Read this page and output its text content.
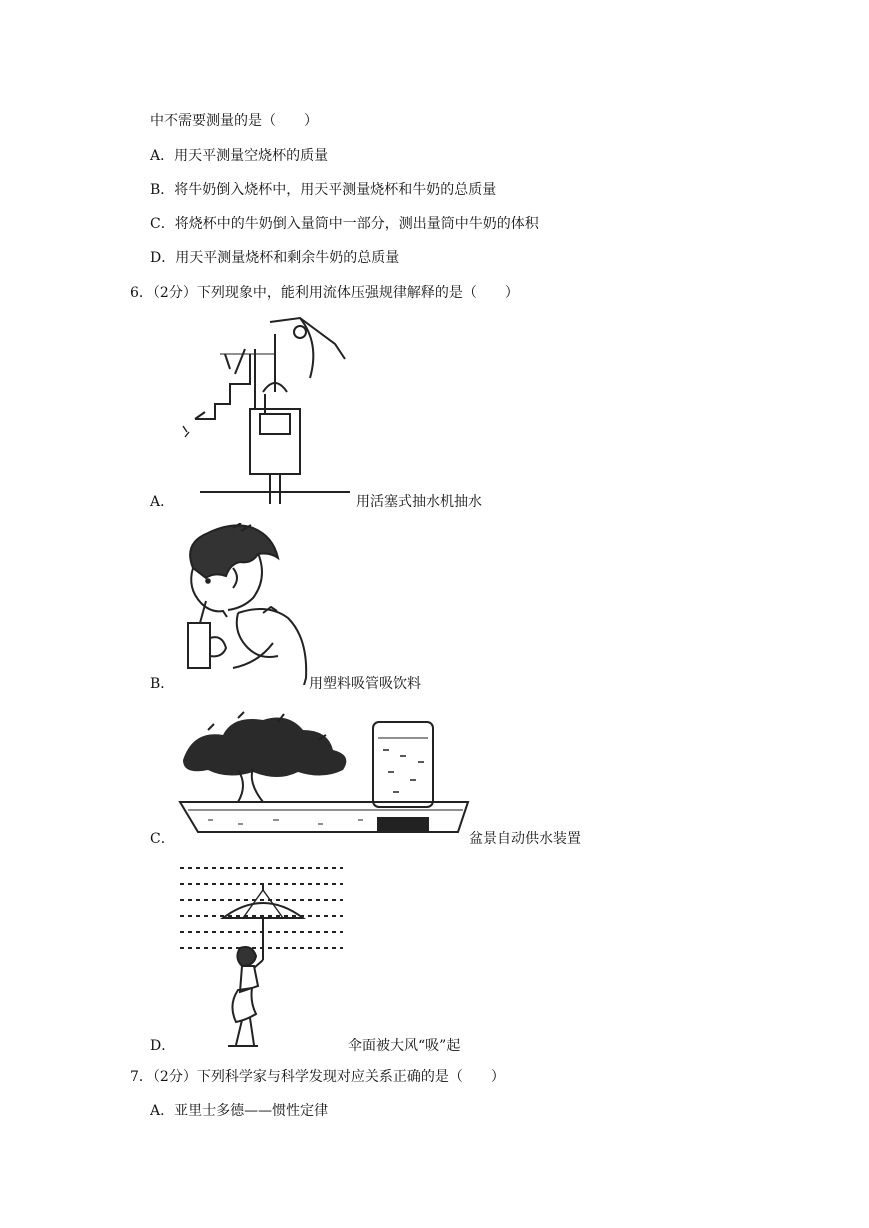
中不需要测量的是（　　）
A．用天平测量空烧杯的质量
B．将牛奶倒入烧杯中，用天平测量烧杯和牛奶的总质量
C．将烧杯中的牛奶倒入量筒中一部分，测出量筒中牛奶的体积
D．用天平测量烧杯和剩余牛奶的总质量
6．（2分）下列现象中，能利用流体压强规律解释的是（　　）
A．	用活塞式抽水机抽水
B．	用塑料吸管吸饮料
C．	盆景自动供水装置
D．	伞面被大风“吸”起
7．（2分）下列科学家与科学发现对应关系正确的是（　　）
A．亚里士多德——惯性定律
